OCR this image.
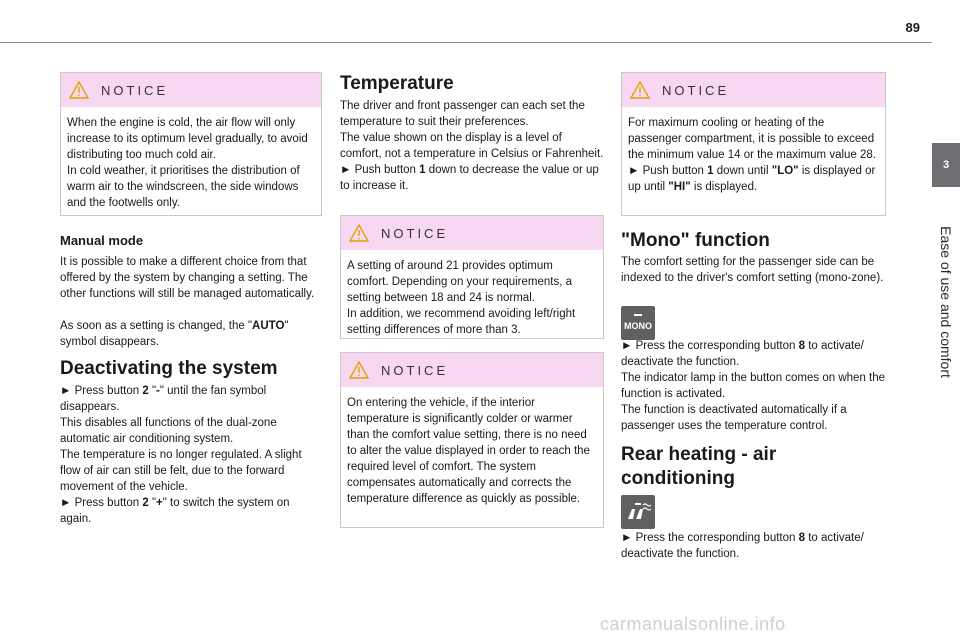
89
3
Ease of use and comfort
NOTICE

When the engine is cold, the air flow will only increase to its optimum level gradually, to avoid distributing too much cold air.

In cold weather, it prioritises the distribution of warm air to the windscreen, the side windows and the footwells only.

Manual mode

It is possible to make a different choice from that offered by the system by changing a setting. The other functions will still be managed automatically.

As soon as a setting is changed, the "AUTO" symbol disappears.

Deactivating the system

► Press button 2 "-" until the fan symbol disappears.

This disables all functions of the dual-zone automatic air conditioning system.

The temperature is no longer regulated. A slight flow of air can still be felt, due to the forward movement of the vehicle.

► Press button 2 "+" to switch the system on again.

Temperature

The driver and front passenger can each set the temperature to suit their preferences.

The value shown on the display is a level of comfort, not a temperature in Celsius or Fahrenheit.

► Push button 1 down to decrease the value or up to increase it.

NOTICE

A setting of around 21 provides optimum comfort. Depending on your requirements, a setting between 18 and 24 is normal.

In addition, we recommend avoiding left/right setting differences of more than 3.

NOTICE

On entering the vehicle, if the interior temperature is significantly colder or warmer than the comfort value setting, there is no need to alter the value displayed in order to reach the required level of comfort. The system compensates automatically and corrects the temperature difference as quickly as possible.

NOTICE

For maximum cooling or heating of the passenger compartment, it is possible to exceed the minimum value 14 or the maximum value 28.

► Push button 1 down until "LO" is displayed or up until "HI" is displayed.

"Mono" function

The comfort setting for the passenger side can be indexed to the driver's comfort setting (mono-zone).

MONO

► Press the corresponding button 8 to activate/ deactivate the function.

The indicator lamp in the button comes on when the function is activated.

The function is deactivated automatically if a passenger uses the temperature control.

Rear heating - air conditioning

► Press the corresponding button 8 to activate/ deactivate the function.

carmanualsonline.info
